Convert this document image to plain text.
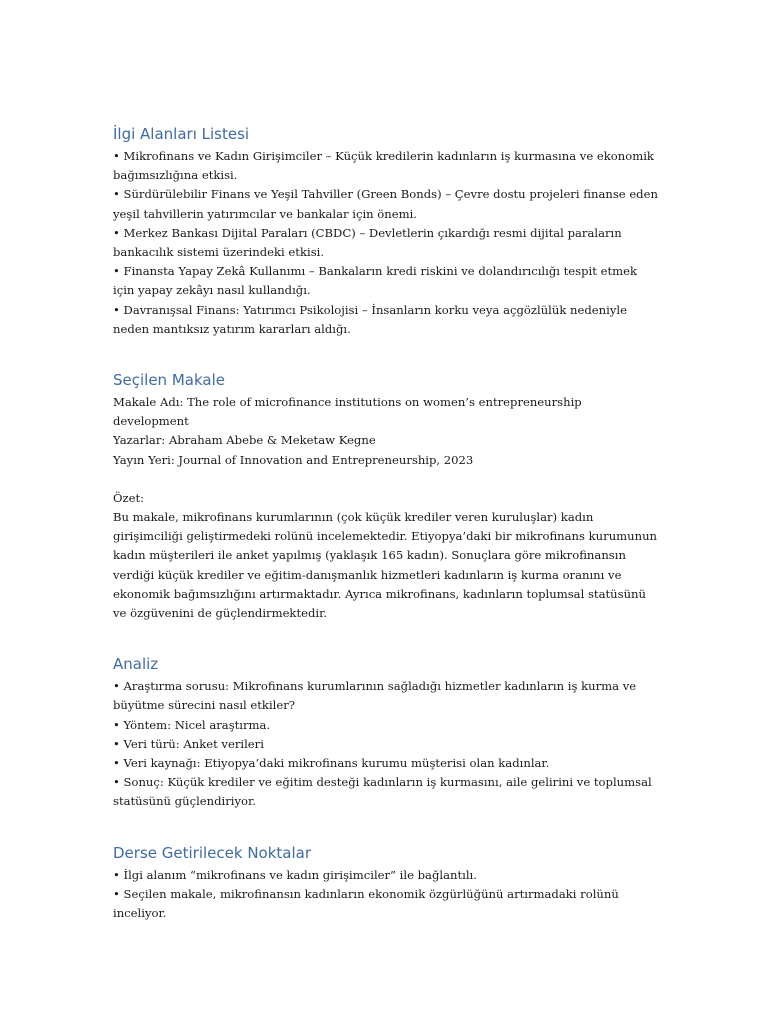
İlgi Alanları Listesi

• Mikrofinans ve Kadın Girişimciler – Küçük kredilerin kadınların iş kurmasına ve ekonomik bağımsızlığına etkisi.

• Sürdürülebilir Finans ve Yeşil Tahviller (Green Bonds) – Çevre dostu projeleri finanse eden yeşil tahvillerin yatırımcılar ve bankalar için önemi.

• Merkez Bankası Dijital Paraları (CBDC) – Devletlerin çıkardığı resmi dijital paraların bankacılık sistemi üzerindeki etkisi.

• Finansta Yapay Zekâ Kullanımı – Bankaların kredi riskini ve dolandırıcılığı tespit etmek için yapay zekâyı nasıl kullandığı.

• Davranışsal Finans: Yatırımcı Psikolojisi – İnsanların korku veya açgözlülük nedeniyle neden mantıksız yatırım kararları aldığı.

Seçilen Makale

Makale Adı: The role of microfinance institutions on women’s entrepreneurship development

Yazarlar: Abraham Abebe & Meketaw Kegne

Yayın Yeri: Journal of Innovation and Entrepreneurship, 2023

Özet:

Bu makale, mikrofinans kurumlarının (çok küçük krediler veren kuruluşlar) kadın girişimciliği geliştirmedeki rolünü incelemektedir. Etiyopya’daki bir mikrofinans kurumunun kadın müşterileri ile anket yapılmış (yaklaşık 165 kadın). Sonuçlara göre mikrofinansın verdiği küçük krediler ve eğitim-danışmanlık hizmetleri kadınların iş kurma oranını ve ekonomik bağımsızlığını artırmaktadır. Ayrıca mikrofinans, kadınların toplumsal statüsünü ve özgüvenini de güçlendirmektedir.

Analiz

• Araştırma sorusu: Mikrofinans kurumlarının sağladığı hizmetler kadınların iş kurma ve büyütme sürecini nasıl etkiler?

• Yöntem: Nicel araştırma.

• Veri türü: Anket verileri

• Veri kaynağı: Etiyopya’daki mikrofinans kurumu müşterisi olan kadınlar.

• Sonuç: Küçük krediler ve eğitim desteği kadınların iş kurmasını, aile gelirini ve toplumsal statüsünü güçlendiriyor.

Derse Getirilecek Noktalar

• İlgi alanım “mikrofinans ve kadın girişimciler” ile bağlantılı.

• Seçilen makale, mikrofinansın kadınların ekonomik özgürlüğünü artırmadaki rolünü inceliyor.
